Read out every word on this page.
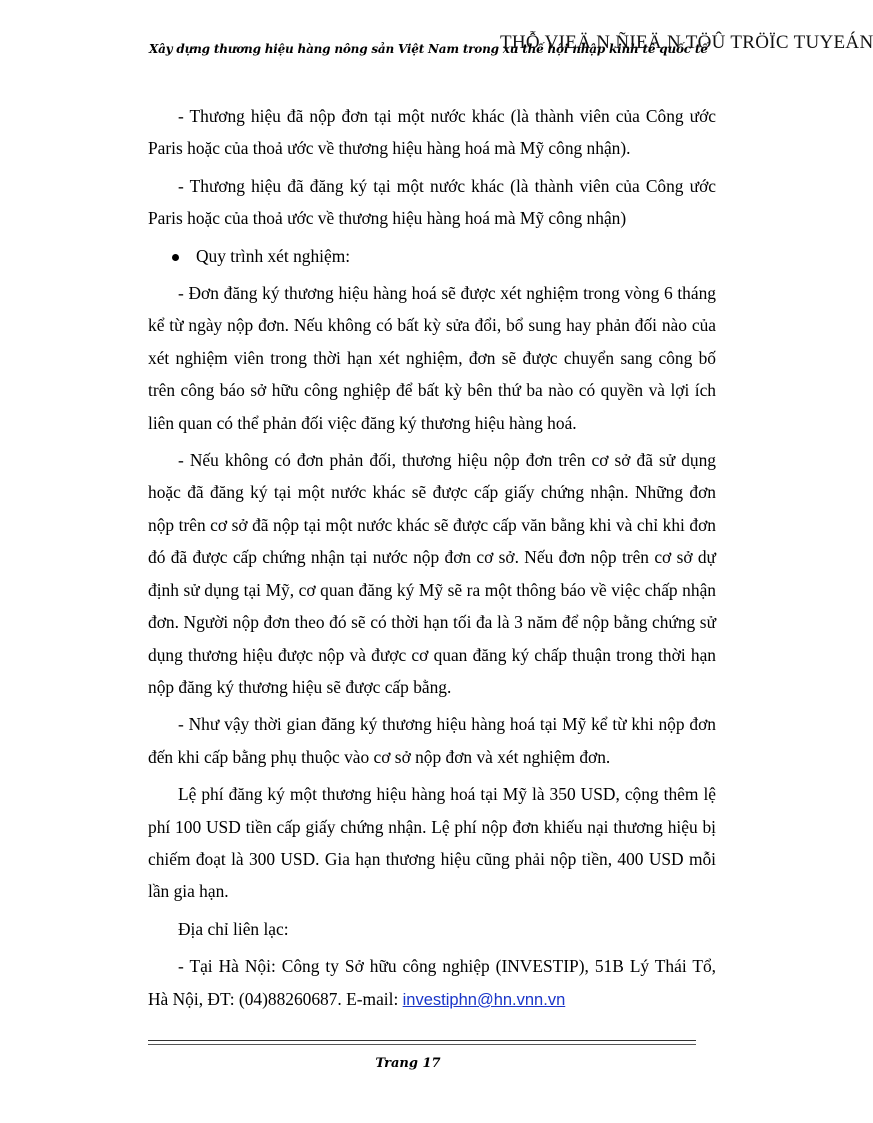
Xây dựng thương hiệu hàng nông sản Việt Nam trong xu thế hội nhập kinh tế quốc tế
THỖ VIEÄ N ÑIEÄ N TÖÛ TRÖÏC TUYEÁN

- Thương hiệu đã nộp đơn tại một nước khác (là thành viên của Công ước Paris hoặc của thoả ước về thương hiệu hàng hoá mà Mỹ công nhận).

- Thương hiệu đã đăng ký tại một nước khác (là thành viên của Công ước Paris hoặc của thoả ước về thương hiệu hàng hoá mà Mỹ công nhận)

Quy trình xét nghiệm:

- Đơn đăng ký thương hiệu hàng hoá sẽ được xét nghiệm trong vòng 6 tháng kể từ ngày nộp đơn. Nếu không có bất kỳ sửa đổi, bổ sung hay phản đối nào của xét nghiệm viên trong thời hạn xét nghiệm, đơn sẽ được chuyển sang công bố trên công báo sở hữu công nghiệp để bất kỳ bên thứ ba nào có quyền và lợi ích liên quan có thể phản đối việc đăng ký thương hiệu hàng hoá.

- Nếu không có đơn phản đối, thương hiệu nộp đơn trên cơ sở đã sử dụng hoặc đã đăng ký tại một nước khác sẽ được cấp giấy chứng nhận. Những đơn nộp trên cơ sở đã nộp tại một nước khác sẽ được cấp văn bằng khi và chỉ khi đơn đó đã được cấp chứng nhận tại nước nộp đơn cơ sở. Nếu đơn nộp trên cơ sở dự định sử dụng tại Mỹ, cơ quan đăng ký Mỹ sẽ ra một thông báo về việc chấp nhận đơn. Người nộp đơn theo đó sẽ có thời hạn tối đa là 3 năm để nộp bằng chứng sử dụng thương hiệu được nộp và được cơ quan đăng ký chấp thuận trong thời hạn nộp đăng ký thương hiệu sẽ được cấp bằng.

- Như vậy thời gian đăng ký thương hiệu hàng hoá tại Mỹ kể từ khi nộp đơn đến khi cấp bằng phụ thuộc vào cơ sở nộp đơn và xét nghiệm đơn.

Lệ phí đăng ký một thương hiệu hàng hoá tại Mỹ là 350 USD, cộng thêm lệ phí 100 USD tiền cấp giấy chứng nhận. Lệ phí nộp đơn khiếu nại thương hiệu bị chiếm đoạt là 300 USD. Gia hạn thương hiệu cũng phải nộp tiền, 400 USD mỗi lần gia hạn.

Địa chỉ liên lạc:

- Tại Hà Nội: Công ty Sở hữu công nghiệp (INVESTIP), 51B Lý Thái Tổ, Hà Nội, ĐT: (04)88260687. E-mail: investiphn@hn.vnn.vn

Trang 17
